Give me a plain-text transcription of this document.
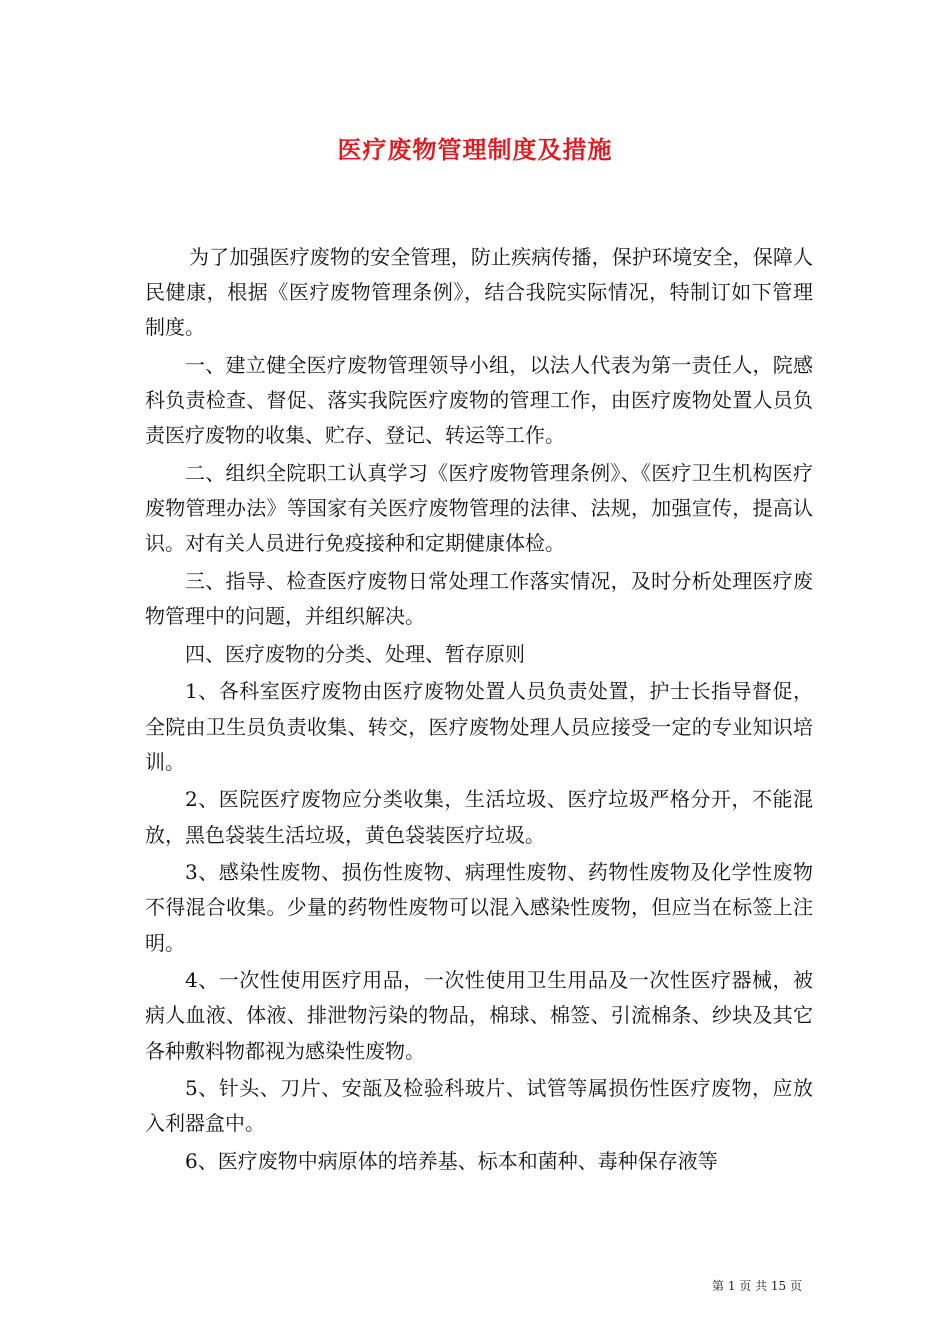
医疗废物管理制度及措施

为了加强医疗废物的安全管理，防止疾病传播，保护环境安全，保障人民健康，根据《医疗废物管理条例》，结合我院实际情况，特制订如下管理制度。

一、建立健全医疗废物管理领导小组，以法人代表为第一责任人，院感科负责检查、督促、落实我院医疗废物的管理工作，由医疗废物处置人员负责医疗废物的收集、贮存、登记、转运等工作。

二、组织全院职工认真学习《医疗废物管理条例》、《医疗卫生机构医疗废物管理办法》等国家有关医疗废物管理的法律、法规，加强宣传，提高认识。对有关人员进行免疫接种和定期健康体检。

三、指导、检查医疗废物日常处理工作落实情况，及时分析处理医疗废物管理中的问题，并组织解决。

四、医疗废物的分类、处理、暂存原则

1、各科室医疗废物由医疗废物处置人员负责处置，护士长指导督促，全院由卫生员负责收集、转交，医疗废物处理人员应接受一定的专业知识培训。

2、医院医疗废物应分类收集，生活垃圾、医疗垃圾严格分开，不能混放，黑色袋装生活垃圾，黄色袋装医疗垃圾。

3、感染性废物、损伤性废物、病理性废物、药物性废物及化学性废物不得混合收集。少量的药物性废物可以混入感染性废物，但应当在标签上注明。

4、一次性使用医疗用品，一次性使用卫生用品及一次性医疗器械，被病人血液、体液、排泄物污染的物品，棉球、棉签、引流棉条、纱块及其它各种敷料物都视为感染性废物。

5、针头、刀片、安瓿及检验科玻片、试管等属损伤性医疗废物，应放入利器盒中。

6、医疗废物中病原体的培养基、标本和菌种、毒种保存液等

第 1 页 共 15 页
